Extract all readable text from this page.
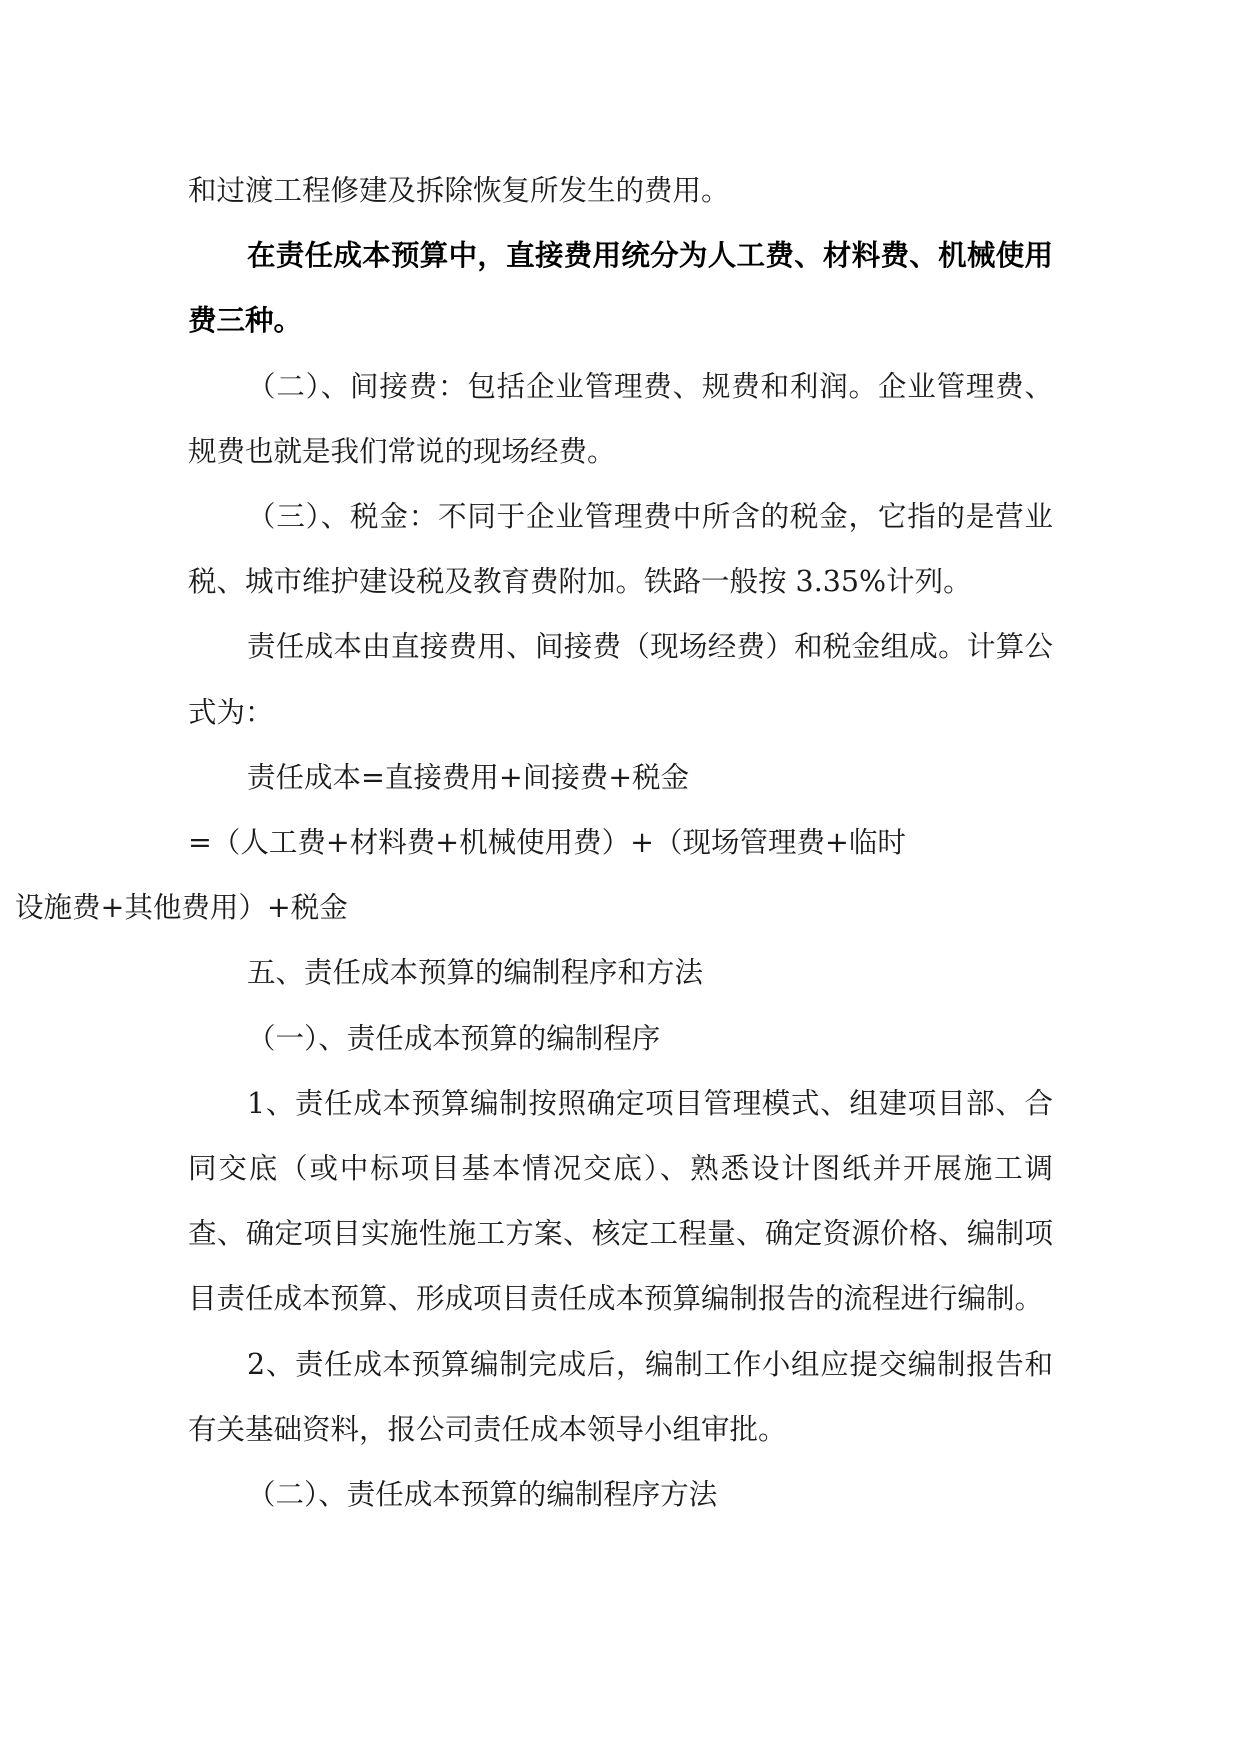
和过渡工程修建及拆除恢复所发生的费用。

在责任成本预算中，直接费用统分为人工费、材料费、机械使用费三种。

（二）、间接费：包括企业管理费、规费和利润。企业管理费、规费也就是我们常说的现场经费。

（三）、税金：不同于企业管理费中所含的税金，它指的是营业税、城市维护建设税及教育费附加。铁路一般按 3.35%计列。

责任成本由直接费用、间接费（现场经费）和税金组成。计算公式为：

责任成本=直接费用+间接费+税金

=（人工费+材料费+机械使用费）+（现场管理费+临时
设施费+其他费用）+税金

五、责任成本预算的编制程序和方法

（一）、责任成本预算的编制程序

1、责任成本预算编制按照确定项目管理模式、组建项目部、合同交底（或中标项目基本情况交底）、熟悉设计图纸并开展施工调查、确定项目实施性施工方案、核定工程量、确定资源价格、编制项目责任成本预算、形成项目责任成本预算编制报告的流程进行编制。

2、责任成本预算编制完成后，编制工作小组应提交编制报告和有关基础资料，报公司责任成本领导小组审批。

（二）、责任成本预算的编制程序方法
